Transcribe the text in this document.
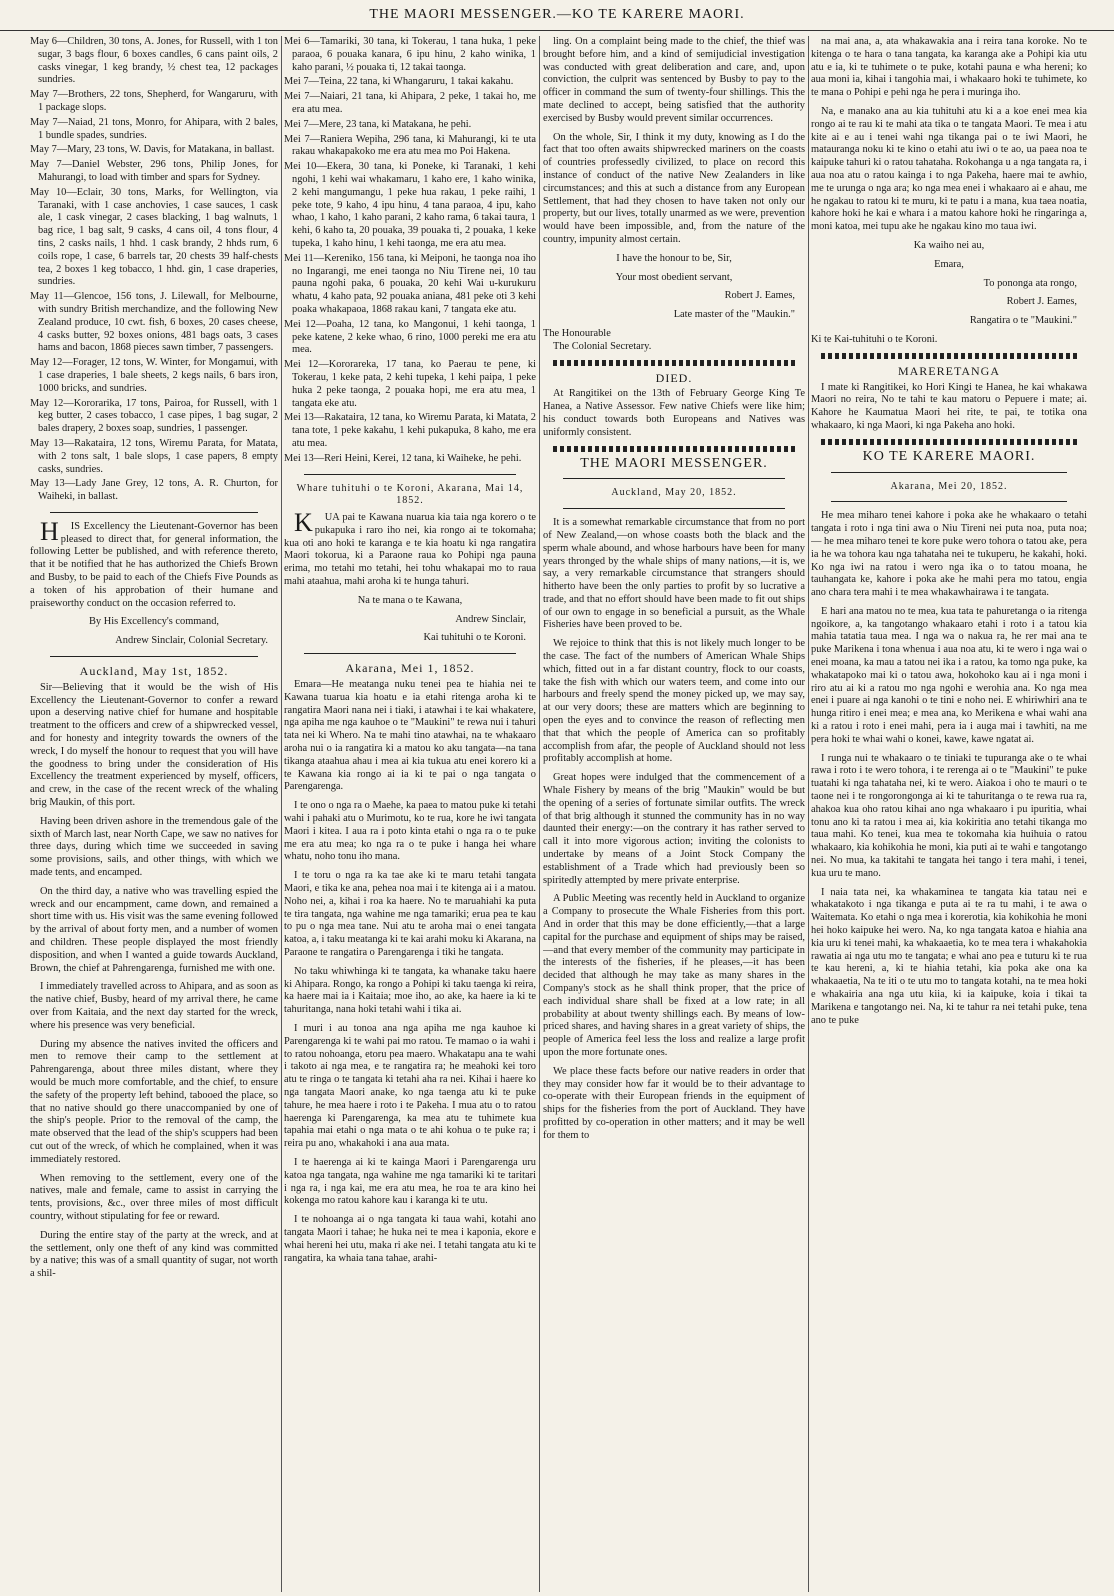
THE MAORI MESSENGER.—KO TE KARERE MAORI.

May 6—Children, 30 tons, A. Jones, for Russell, with 1 ton sugar, 3 bags flour, 6 boxes candles, 6 cans paint oils, 2 casks vinegar, 1 keg brandy, ½ chest tea, 12 packages sundries.

May 7—Brothers, 22 tons, Shepherd, for Wangaruru, with 1 package slops.

May 7—Naiad, 21 tons, Monro, for Ahipara, with 2 bales, 1 bundle spades, sundries.

May 7—Mary, 23 tons, W. Davis, for Matakana, in ballast.

May 7—Daniel Webster, 296 tons, Philip Jones, for Mahurangi, to load with timber and spars for Sydney.

May 10—Eclair, 30 tons, Marks, for Wellington, via Taranaki, with 1 case anchovies, 1 case sauces, 1 cask ale, 1 cask vinegar, 2 cases blacking, 1 bag walnuts, 1 bag rice, 1 bag salt, 9 casks, 4 cans oil, 4 tons flour, 4 tins, 2 casks nails, 1 hhd. 1 cask brandy, 2 hhds rum, 6 coils rope, 1 case, 6 barrels tar, 20 chests 39 half-chests tea, 2 boxes 1 keg tobacco, 1 hhd. gin, 1 case draperies, sundries.

May 11—Glencoe, 156 tons, J. Lilewall, for Melbourne, with sundry British merchandize, and the following New Zealand produce, 10 cwt. fish, 6 boxes, 20 cases cheese, 4 casks butter, 92 boxes onions, 481 bags oats, 3 cases hams and bacon, 1868 pieces sawn timber, 7 passengers.

May 12—Forager, 12 tons, W. Winter, for Mongamui, with 1 case draperies, 1 bale sheets, 2 kegs nails, 6 bars iron, 1000 bricks, and sundries.

May 12—Kororarika, 17 tons, Pairoa, for Russell, with 1 keg butter, 2 cases tobacco, 1 case pipes, 1 bag sugar, 2 bales drapery, 2 boxes soap, sundries, 1 passenger.

May 13—Rakataira, 12 tons, Wiremu Parata, for Matata, with 2 tons salt, 1 bale slops, 1 case papers, 8 empty casks, sundries.

May 13—Lady Jane Grey, 12 tons, A. R. Churton, for Waiheki, in ballast.

HIS Excellency the Lieutenant-Governor has been pleased to direct that, for general information, the following Letter be published, and with reference thereto, that it be notified that he has authorized the Chiefs Brown and Busby, to be paid to each of the Chiefs Five Pounds as a token of his approbation of their humane and praiseworthy conduct on the occasion referred to.

By His Excellency's command,

Andrew Sinclair, Colonial Secretary.

Auckland, May 1st, 1852.

Sir—Believing that it would be the wish of His Excellency the Lieutenant-Governor to confer a reward upon a deserving native chief for humane and hospitable treatment to the officers and crew of a shipwrecked vessel, and for honesty and integrity towards the owners of the wreck, I do myself the honour to request that you will have the goodness to bring under the consideration of His Excellency the treatment experienced by myself, officers, and crew, in the case of the recent wreck of the whaling brig Maukin, of this port.

Having been driven ashore in the tremendous gale of the sixth of March last, near North Cape, we saw no natives for three days, during which time we succeeded in saving some provisions, sails, and other things, with which we made tents, and encamped.

On the third day, a native who was travelling espied the wreck and our encampment, came down, and remained a short time with us. His visit was the same evening followed by the arrival of about forty men, and a number of women and children. These people displayed the most friendly disposition, and when I wanted a guide towards Auckland, Brown, the chief at Pahrengarenga, furnished me with one.

I immediately travelled across to Ahipara, and as soon as the native chief, Busby, heard of my arrival there, he came over from Kaitaia, and the next day started for the wreck, where his presence was very beneficial.

During my absence the natives invited the officers and men to remove their camp to the settlement at Pahrengarenga, about three miles distant, where they would be much more comfortable, and the chief, to ensure the safety of the property left behind, tabooed the place, so that no native should go there unaccompanied by one of the ship's people. Prior to the removal of the camp, the mate observed that the lead of the ship's scuppers had been cut out of the wreck, of which he complained, when it was immediately restored.

When removing to the settlement, every one of the natives, male and female, came to assist in carrying the tents, provisions, &c., over three miles of most difficult country, without stipulating for fee or reward.

During the entire stay of the party at the wreck, and at the settlement, only one theft of any kind was committed by a native; this was of a small quantity of sugar, not worth a shil-

Mei 6—Tamariki, 30 tana, ki Tokerau, 1 tana huka, 1 peke paraoa, 6 pouaka kanara, 6 ipu hinu, 2 kaho winika, 1 kaho parani, ½ pouaka ti, 12 takai taonga.

Mei 7—Teina, 22 tana, ki Whangaruru, 1 takai kakahu.

Mei 7—Naiari, 21 tana, ki Ahipara, 2 peke, 1 takai ho, me era atu mea.

Mei 7—Mere, 23 tana, ki Matakana, he pehi.

Mei 7—Raniera Wepiha, 296 tana, ki Mahurangi, ki te uta rakau whakapakoko me era atu mea mo Poi Hakena.

Mei 10—Ekera, 30 tana, ki Poneke, ki Taranaki, 1 kehi ngohi, 1 kehi wai whakamaru, 1 kaho ere, 1 kaho winika, 2 kehi mangumangu, 1 peke hua rakau, 1 peke raihi, 1 peke tote, 9 kaho, 4 ipu hinu, 4 tana paraoa, 4 ipu, kaho whao, 1 kaho, 1 kaho parani, 2 kaho rama, 6 takai taura, 1 kehi, 6 kaho ta, 20 pouaka, 39 pouaka ti, 2 pouaka, 1 keke tupeka, 1 kaho hinu, 1 kehi taonga, me era atu mea.

Mei 11—Kereniko, 156 tana, ki Meiponi, he taonga noa iho no Ingarangi, me enei taonga no Niu Tirene nei, 10 tau pauna ngohi paka, 6 pouaka, 20 kehi Wai u-kurukuru whatu, 4 kaho pata, 92 pouaka aniana, 481 peke oti 3 kehi poaka whakapaoa, 1868 rakau kani, 7 tangata eke atu.

Mei 12—Poaha, 12 tana, ko Mangonui, 1 kehi taonga, 1 peke katene, 2 keke whao, 6 rino, 1000 pereki me era atu mea.

Mei 12—Kororareka, 17 tana, ko Paerau te pene, ki Tokerau, 1 keke pata, 2 kehi tupeka, 1 kehi paipa, 1 peke huka 2 peke taonga, 2 pouaka hopi, me era atu mea, 1 tangata eke atu.

Mei 13—Rakataira, 12 tana, ko Wiremu Parata, ki Matata, 2 tana tote, 1 peke kakahu, 1 kehi pukapuka, 8 kaho, me era atu mea.

Mei 13—Reri Heini, Kerei, 12 tana, ki Waiheke, he pehi.

Whare tuhituhi o te Koroni, Akarana, Mai 14, 1852.

KUA pai te Kawana nuarua kia taia nga korero o te pukapuka i raro iho nei, kia rongo ai te tokomaha; kua oti ano hoki te karanga e te kia hoatu ki nga rangatira Maori tokorua, ki a Paraone raua ko Pohipi nga pauna erima, mo tetahi mo tetahi, hei tohu whakapai mo to raua mahi ataahua, mahi aroha ki te hunga tahuri.

Na te mana o te Kawana,

Andrew Sinclair,

Kai tuhituhi o te Koroni.

Akarana, Mei 1, 1852.

Emara—He meatanga nuku tenei pea te hiahia nei te Kawana tuarua kia hoatu e ia etahi ritenga aroha ki te rangatira Maori nana nei i tiaki, i atawhai i te kai whakatere, nga apiha me nga kauhoe o te "Maukini" te rewa nui i tahuri tata nei ki Whero. Na te mahi tino atawhai, na te whakaaro aroha nui o ia rangatira ki a matou ko aku tangata—na tana tikanga ataahua ahau i mea ai kia tukua atu enei korero ki a te Kawana kia rongo ai ia ki te pai o nga tangata o Parengarenga.

I te ono o nga ra o Maehe, ka paea to matou puke ki tetahi wahi i pahaki atu o Murimotu, ko te rua, kore he iwi tangata Maori i kitea. I aua ra i poto kinta etahi o nga ra o te puke me era atu mea; ko nga ra o te puke i hanga hei whare whatu, noho tonu iho mana.

I te toru o nga ra ka tae ake ki te maru tetahi tangata Maori, e tika ke ana, pehea noa mai i te kitenga ai i a matou. Noho nei, a, kihai i roa ka haere. No te maruahiahi ka puta te tira tangata, nga wahine me nga tamariki; erua pea te kau to pu o nga mea tane. Nui atu te aroha mai o enei tangata katoa, a, i taku meatanga ki te kai arahi moku ki Akarana, na Paraone te rangatira o Parengarenga i tiki he tangata.

No taku whiwhinga ki te tangata, ka whanake taku haere ki Ahipara. Rongo, ka rongo a Pohipi ki taku taenga ki reira, ka haere mai ia i Kaitaia; moe iho, ao ake, ka haere ia ki te tahuritanga, nana hoki tetahi wahi i tika ai.

I muri i au tonoa ana nga apiha me nga kauhoe ki Parengarenga ki te wahi pai mo ratou. Te mamao o ia wahi i to ratou nohoanga, etoru pea maero. Whakatapu ana te wahi i takoto ai nga mea, e te rangatira ra; he meahoki kei toro atu te ringa o te tangata ki tetahi aha ra nei. Kihai i haere ko nga tangata Maori anake, ko nga taenga atu ki te puke tahure, he mea haere i roto i te Pakeha. I mua atu o to ratou haerenga ki Parengarenga, ka mea atu te tuhimete kua tapahia mai etahi o nga mata o te ahi kohua o te puke ra; i reira pu ano, whakahoki i ana aua mata.

I te haerenga ai ki te kainga Maori i Parengarenga uru katoa nga tangata, nga wahine me nga tamariki ki te taritari i nga ra, i nga kai, me era atu mea, he roa te ara kino hei kokenga mo ratou kahore kau i karanga ki te utu.

I te nohoanga ai o nga tangata ki taua wahi, kotahi ano tangata Maori i tahae; he huka nei te mea i kaponia, ekore e whai hereni hei utu, maka ri ake nei. I tetahi tangata atu ki te rangatira, ka whaia tana tahae, arahi-

ling. On a complaint being made to the chief, the thief was brought before him, and a kind of semijudicial investigation was conducted with great deliberation and care, and, upon conviction, the culprit was sentenced by Busby to pay to the officer in command the sum of twenty-four shillings. This the mate declined to accept, being satisfied that the authority exercised by Busby would prevent similar occurrences.

On the whole, Sir, I think it my duty, knowing as I do the fact that too often awaits shipwrecked mariners on the coasts of countries professedly civilized, to place on record this instance of conduct of the native New Zealanders in like circumstances; and this at such a distance from any European Settlement, that had they chosen to have taken not only our property, but our lives, totally unarmed as we were, prevention would have been impossible, and, from the nature of the country, impunity almost certain.

I have the honour to be, Sir,

Your most obedient servant,

Robert J. Eames,

Late master of the "Maukin."

The Honourable

The Colonial Secretary.

DIED.

At Rangitikei on the 13th of February George King Te Hanea, a Native Assessor. Few native Chiefs were like him; his conduct towards both Europeans and Natives was uniformly consistent.

THE MAORI MESSENGER.
Auckland, May 20, 1852.

It is a somewhat remarkable circumstance that from no port of New Zealand,—on whose coasts both the black and the sperm whale abound, and whose harbours have been for many years thronged by the whale ships of many nations,—it is, we say, a very remarkable circumstance that strangers should hitherto have been the only parties to profit by so lucrative a trade, and that no effort should have been made to fit out ships of our own to engage in so beneficial a pursuit, as the Whale Fisheries have been proved to be.

We rejoice to think that this is not likely much longer to be the case. The fact of the numbers of American Whale Ships which, fitted out in a far distant country, flock to our coasts, take the fish with which our waters teem, and come into our harbours and freely spend the money picked up, we may say, at our very doors; these are matters which are beginning to open the eyes and to convince the reason of reflecting men that that which the people of America can so profitably accomplish from afar, the people of Auckland should not less profitably accomplish at home.

Great hopes were indulged that the commencement of a Whale Fishery by means of the brig "Maukin" would be but the opening of a series of fortunate similar outfits. The wreck of that brig although it stunned the community has in no way daunted their energy:—on the contrary it has rather served to call it into more vigorous action; inviting the colonists to undertake by means of a Joint Stock Company the establishment of a Trade which had previously been so spiritedly attempted by mere private enterprise.

A Public Meeting was recently held in Auckland to organize a Company to prosecute the Whale Fisheries from this port. And in order that this may be done efficiently,—that a large capital for the purchase and equipment of ships may be raised,—and that every member of the community may participate in the interests of the fisheries, if he pleases,—it has been decided that although he may take as many shares in the Company's stock as he shall think proper, that the price of each individual share shall be fixed at a low rate; in all probability at about twenty shillings each. By means of low-priced shares, and having shares in a great variety of ships, the people of America feel less the loss and realize a large profit upon the more fortunate ones.

We place these facts before our native readers in order that they may consider how far it would be to their advantage to co-operate with their European friends in the equipment of ships for the fisheries from the port of Auckland. They have profitted by co-operation in other matters; and it may be well for them to

na mai ana, a, ata whakawakia ana i reira tana koroke. No te kitenga o te hara o tana tangata, ka karanga ake a Pohipi kia utu atu e ia, ki te tuhimete o te puke, kotahi pauna e wha hereni; ko aua moni ia, kihai i tangohia mai, i whakaaro hoki te tuhimete, ko te mana o Pohipi e pehi nga he pera i muringa iho.

Na, e manako ana au kia tuhituhi atu ki a a koe enei mea kia rongo ai te rau ki te mahi ata tika o te tangata Maori. Te mea i atu kite ai e au i tenei wahi nga tikanga pai o te iwi Maori, he matauranga noku ki te kino o etahi atu iwi o te ao, ua paea noa te kaipuke tahuri ki o ratou tahataha. Rokohanga u a nga tangata ra, i aua noa atu o ratou kainga i to nga Pakeha, haere mai te awhio, me te urunga o nga ara; ko nga mea enei i whakaaro ai e ahau, me he ngakau to ratou ki te muru, ki te patu i a mana, kua taea noatia, kahore hoki he kai e whara i a matou kahore hoki he ringaringa a, moni katoa, mei tupu ake he ngakau kino mo taua iwi.

Ka waiho nei au,

Emara,

To pononga ata rongo,

Robert J. Eames,

Rangatira o te "Maukini."

Ki te Kai-tuhituhi o te Koroni.

MARERETANGA

I mate ki Rangitikei, ko Hori Kingi te Hanea, he kai whakawa Maori no reira, No te tahi te kau matoru o Pepuere i mate; ai. Kahore he Kaumatua Maori hei rite, te pai, te totika ona whakaaro, ki nga Maori, ki nga Pakeha ano hoki.

KO TE KARERE MAORI.
Akarana, Mei 20, 1852.

He mea miharo tenei kahore i poka ake he whakaaro o tetahi tangata i roto i nga tini awa o Niu Tireni nei puta noa, puta noa; — he mea miharo tenei te kore puke wero tohora o tatou ake, pera ia he wa tohora kau nga tahataha nei te tukuperu, he kakahi, hoki. Ko nga iwi na ratou i wero nga ika o to tatou moana, he tauhangata ke, kahore i poka ake he mahi pera mo tatou, engia ano chara tera mahi i te mea whakawhairawa i te tangata.

E hari ana matou no te mea, kua tata te pahuretanga o ia ritenga ngoikore, a, ka tangotango whakaaro etahi i roto i a tatou kia mahia tatatia taua mea. I nga wa o nakua ra, he rer mai ana te puke Marikena i tona whenua i aua noa atu, ki te wero i nga wai o enei moana, ka mau a tatou nei ika i a ratou, ka tomo nga puke, ka whakatapoko mai ki o tatou awa, hokohoko kau ai i nga moni i riro atu ai ki a ratou mo nga ngohi e werohia ana. Ko nga mea enei i puare ai nga kanohi o te tini e noho nei. E whiriwhiri ana te hunga ritiro i enei mea; e mea ana, ko Merikena e whai wahi ana ki a ratou i roto i enei mahi, pera ia i auga mai i tawhiti, na me pera hoki te whai wahi o konei, kawe, kawe ngatat ai.

I runga nui te whakaaro o te tiniaki te tupuranga ake o te whai rawa i roto i te wero tohora, i te rerenga ai o te "Maukini" te puke tuatahi ki nga tahataha nei, ki te wero. Aiakoa i oho te mauri o te taone nei i te rongorongonga ai ki te tahuritanga o te rewa rua ra, ahakoa kua oho ratou kihai ano nga whakaaro i pu ipuritia, whai tonu ano ki ta ratou i mea ai, kia kokiritia ano tetahi tikanga mo taua mahi. Ko tenei, kua mea te tokomaha kia huihuia o ratou whakaaro, kia kohikohia he moni, kia puti ai te wahi e tangotango nei. No mua, ka takitahi te tangata hei tango i tera mahi, i tenei, kua uru te mano.

I naia tata nei, ka whakaminea te tangata kia tatau nei e whakatakoto i nga tikanga e puta ai te ra tu mahi, i te awa o Waitemata. Ko etahi o nga mea i korerotia, kia kohikohia he moni hei hoko kaipuke hei wero. Na, ko nga tangata katoa e hiahia ana kia uru ki tenei mahi, ka whakaaetia, ko te mea tera i whakahokia rawatia ai nga utu mo te tangata; e whai ano pea e tuturu ki te rua te kau hereni, a, ki te hiahia tetahi, kia poka ake ona ka whakaaetia, Na te iti o te utu mo to tangata kotahi, na te mea hoki e whakairia ana nga utu kiia, ki ia kaipuke, koia i tikai ta Marikena e tangotango nei. Na, ki te tahur ra nei tetahi puke, tena ano te puke
